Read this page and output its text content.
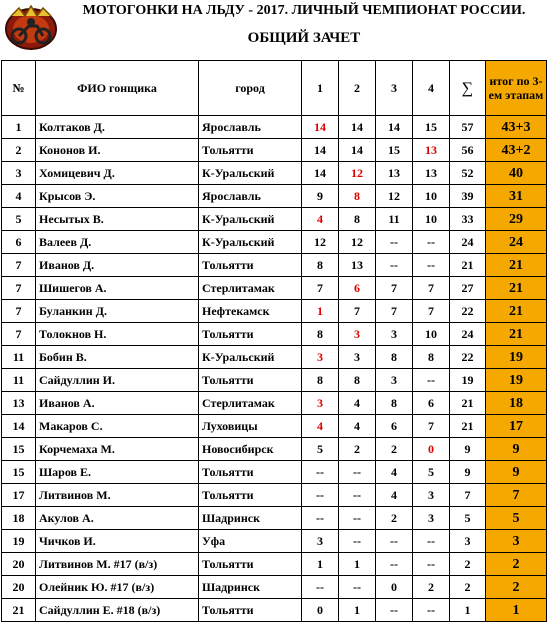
МОТОГОНКИ НА ЛЬДУ - 2017. ЛИЧНЫЙ ЧЕМПИОНАТ РОССИИ.
ОБЩИЙ ЗАЧЕТ
№	ФИО гонщика	город	1	2	3	4	∑	итог по 3-ем этапам
1	Колтаков Д.	Ярославль	14	14	14	15	57	43+3
2	Кононов И.	Тольятти	14	14	15	13	56	43+2
3	Хомицевич Д.	К-Уральский	14	12	13	13	52	40
4	Крысов Э.	Ярославль	9	8	12	10	39	31
5	Несытых В.	К-Уральский	4	8	11	10	33	29
6	Валеев Д.	К-Уральский	12	12	--	--	24	24
7	Иванов Д.	Тольятти	8	13	--	--	21	21
7	Шишегов А.	Стерлитамак	7	6	7	7	27	21
7	Буланкин Д.	Нефтекамск	1	7	7	7	22	21
7	Толокнов Н.	Тольятти	8	3	3	10	24	21
11	Бобин В.	К-Уральский	3	3	8	8	22	19
11	Сайдуллин И.	Тольятти	8	8	3	--	19	19
13	Иванов А.	Стерлитамак	3	4	8	6	21	18
14	Макаров С.	Луховицы	4	4	6	7	21	17
15	Корчемаха М.	Новосибирск	5	2	2	0	9	9
15	Шаров Е.	Тольятти	--	--	4	5	9	9
17	Литвинов М.	Тольятти	--	--	4	3	7	7
18	Акулов А.	Шадринск	--	--	2	3	5	5
19	Чичков И.	Уфа	3	--	--	--	3	3
20	Литвинов М. #17 (в/з)	Тольятти	1	1	--	--	2	2
20	Олейник Ю. #17 (в/з)	Шадринск	--	--	0	2	2	2
21	Сайдуллин Е. #18 (в/з)	Тольятти	0	1	--	--	1	1
